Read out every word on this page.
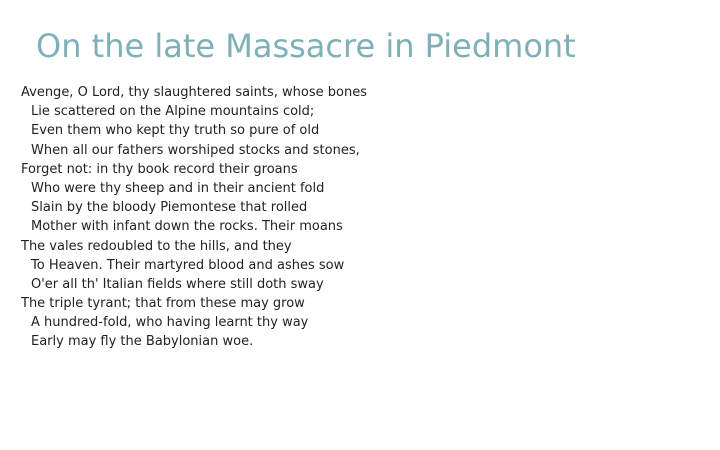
On the late Massacre in Piedmont
Avenge, O Lord, thy slaughtered saints, whose bones
Lie scattered on the Alpine mountains cold;
Even them who kept thy truth so pure of old
When all our fathers worshiped stocks and stones,
Forget not: in thy book record their groans
Who were thy sheep and in their ancient fold
Slain by the bloody Piemontese that rolled
Mother with infant down the rocks. Their moans
The vales redoubled to the hills, and they
To Heaven. Their martyred blood and ashes sow
O'er all th' Italian fields where still doth sway
The triple tyrant; that from these may grow
A hundred-fold, who having learnt thy way
Early may fly the Babylonian woe.
